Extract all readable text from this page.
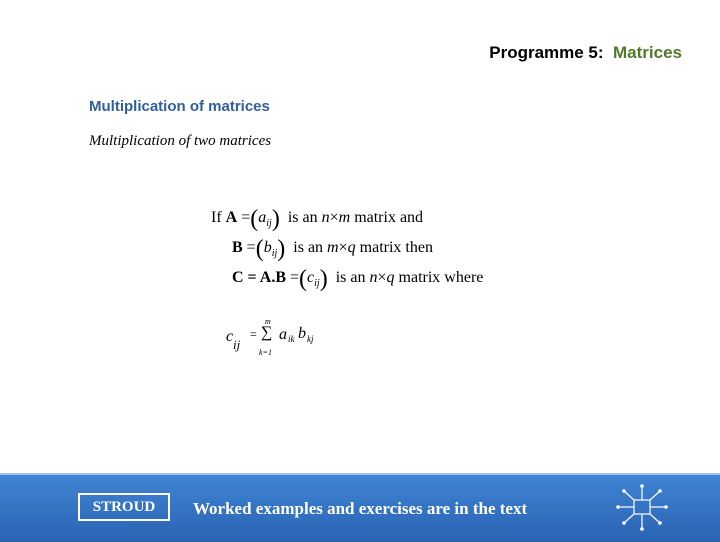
Programme 5: Matrices
Multiplication of matrices
Multiplication of two matrices
If $A =(a_{ij})$ is an n×m matrix and
$B =(b_{ij})$ is an m×q matrix then
$C = A.B =(c_{ij})$ is an n×q matrix where
c ij
= ∑
m
k=1
a ik b kj
STROUD	Worked examples and exercises are in the text
